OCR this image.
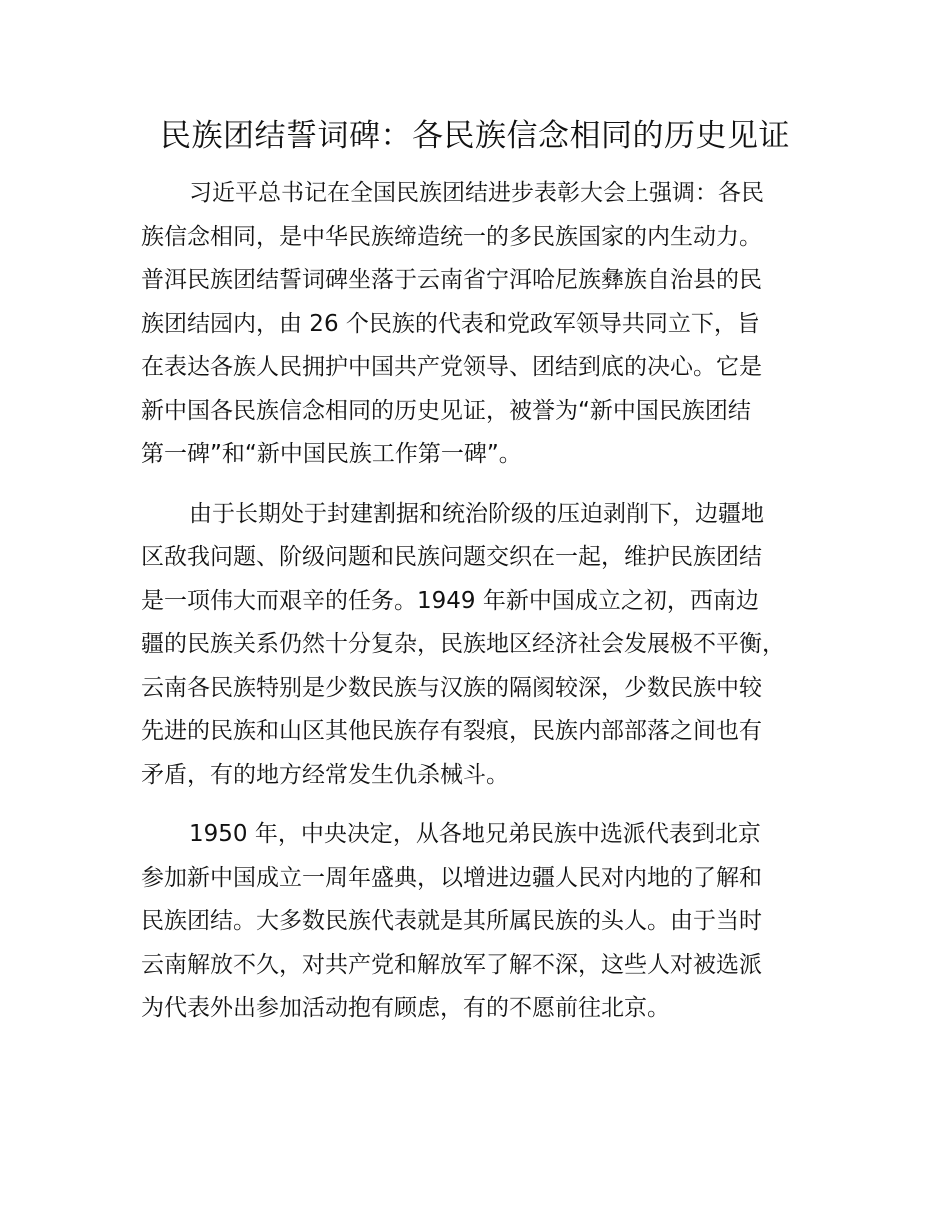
民族团结誓词碑：各民族信念相同的历史见证

习近平总书记在全国民族团结进步表彰大会上强调：各民
族信念相同，是中华民族缔造统一的多民族国家的内生动力。
普洱民族团结誓词碑坐落于云南省宁洱哈尼族彝族自治县的民
族团结园内，由 26 个民族的代表和党政军领导共同立下，旨
在表达各族人民拥护中国共产党领导、团结到底的决心。它是
新中国各民族信念相同的历史见证，被誉为“新中国民族团结
第一碑”和“新中国民族工作第一碑”。

由于长期处于封建割据和统治阶级的压迫剥削下，边疆地
区敌我问题、阶级问题和民族问题交织在一起，维护民族团结
是一项伟大而艰辛的任务。1949 年新中国成立之初，西南边
疆的民族关系仍然十分复杂，民族地区经济社会发展极不平衡，
云南各民族特别是少数民族与汉族的隔阂较深，少数民族中较
先进的民族和山区其他民族存有裂痕，民族内部部落之间也有
矛盾，有的地方经常发生仇杀械斗。

1950 年，中央决定，从各地兄弟民族中选派代表到北京
参加新中国成立一周年盛典，以增进边疆人民对内地的了解和
民族团结。大多数民族代表就是其所属民族的头人。由于当时
云南解放不久，对共产党和解放军了解不深，这些人对被选派
为代表外出参加活动抱有顾虑，有的不愿前往北京。
